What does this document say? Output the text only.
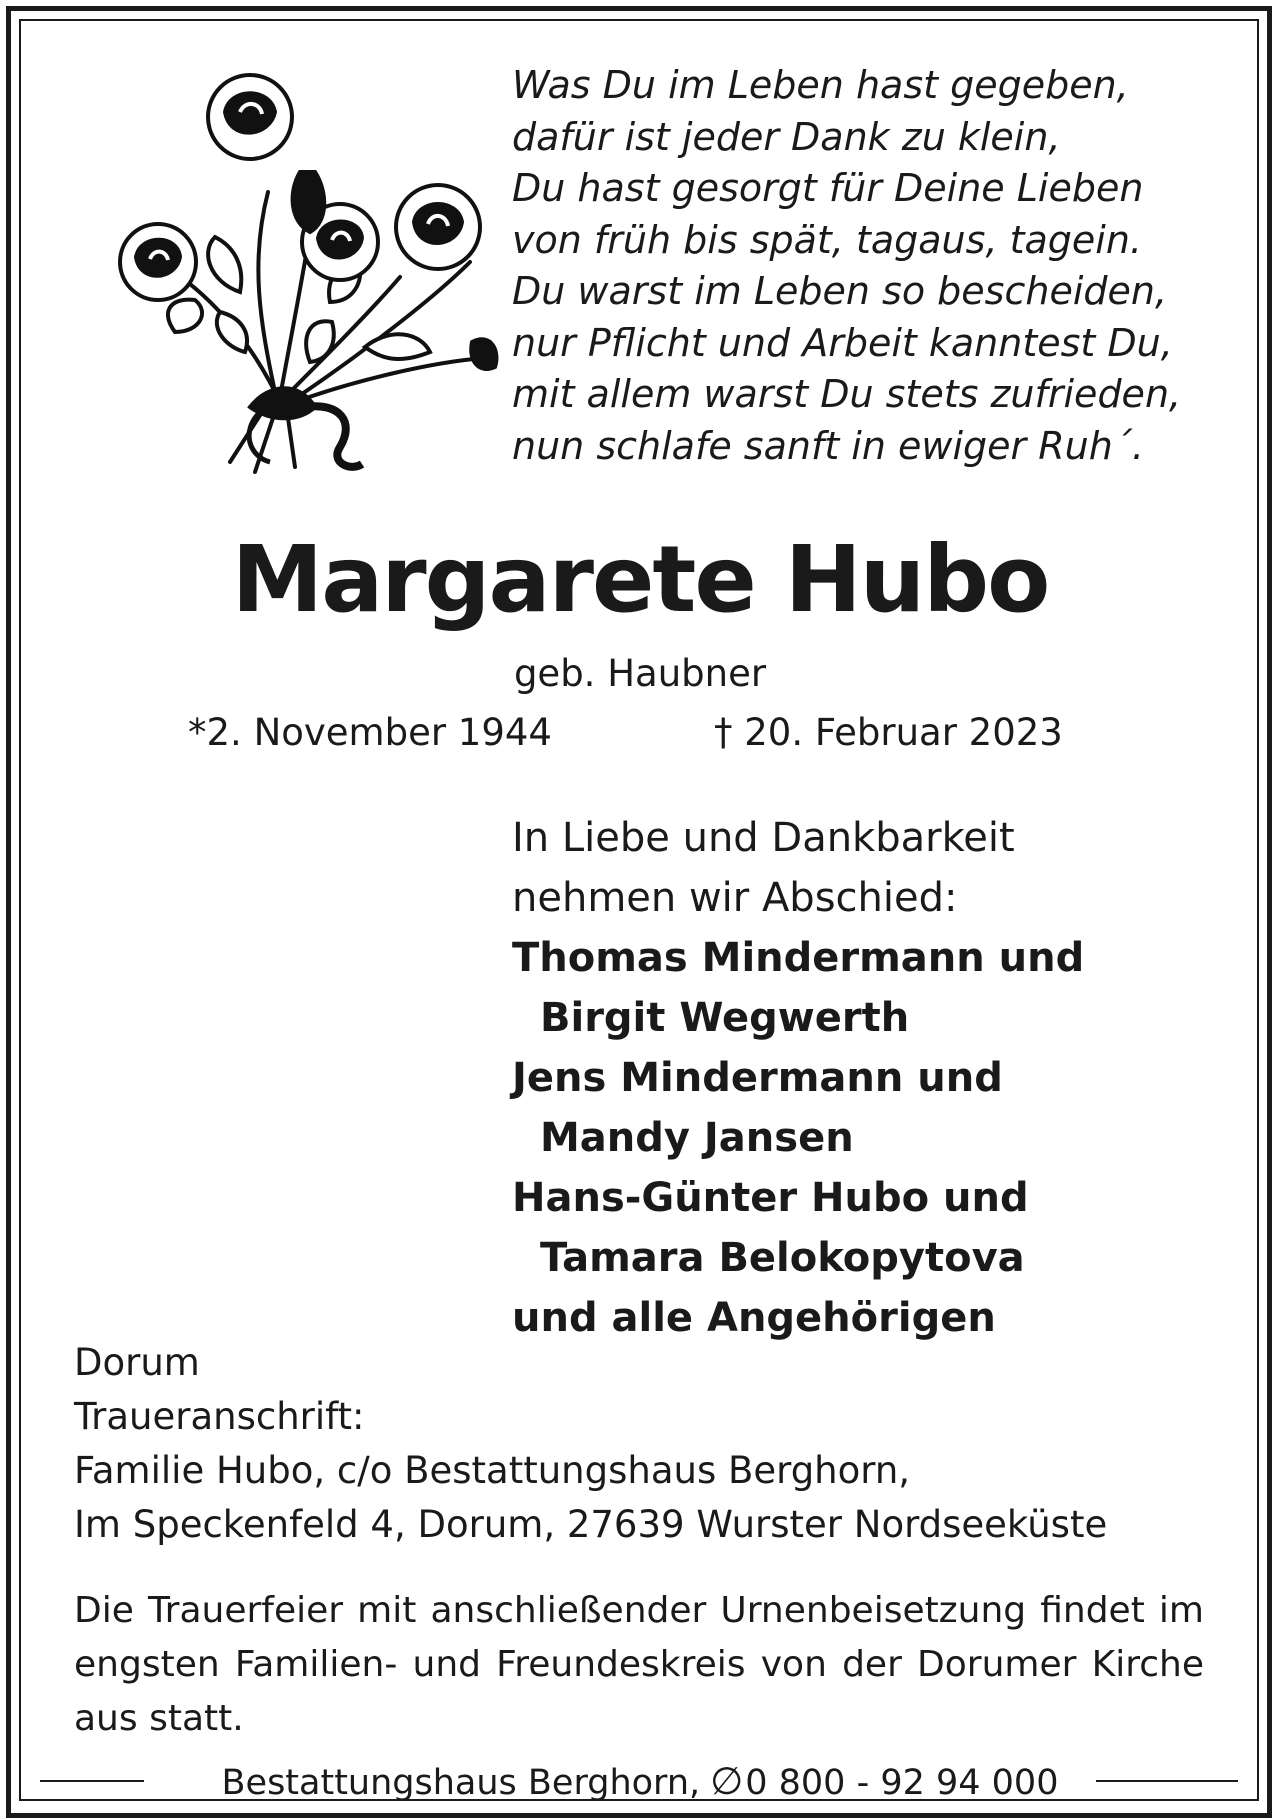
Was Du im Leben hast gegeben,
dafür ist jeder Dank zu klein,
Du hast gesorgt für Deine Lieben
von früh bis spät, tagaus, tagein.
Du warst im Leben so bescheiden,
nur Pflicht und Arbeit kanntest Du,
mit allem warst Du stets zufrieden,
nun schlafe sanft in ewiger Ruh´.
Margarete Hubo
geb. Haubner
*2. November 1944	† 20. Februar 2023
In Liebe und Dankbarkeit
nehmen wir Abschied:
Thomas Mindermann und
Birgit Wegwerth
Jens Mindermann und
Mandy Jansen
Hans-Günter Hubo und
Tamara Belokopytova
und alle Angehörigen
Dorum
Traueranschrift:
Familie Hubo, c/o Bestattungshaus Berghorn,
Im Speckenfeld 4, Dorum, 27639 Wurster Nordseeküste
Die Trauerfeier mit anschließender Urnenbeisetzung findet im engsten Familien- und Freundeskreis von der Dorumer Kirche aus statt.
Bestattungshaus Berghorn, ∅0 800 - 92 94 000
